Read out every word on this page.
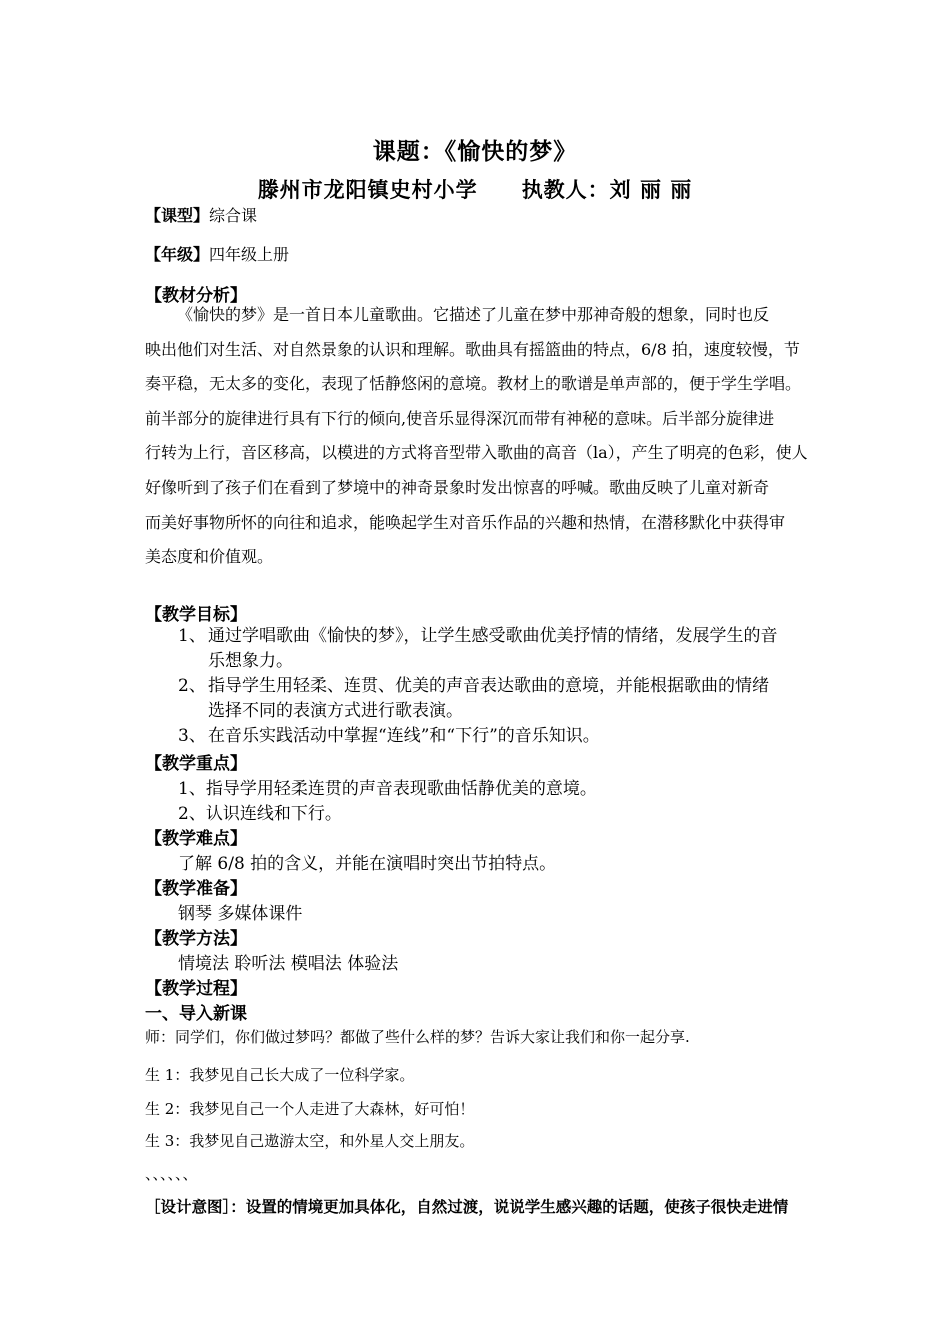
课题：《愉快的梦》
滕州市龙阳镇史村小学 执教人：刘 丽 丽
【课型】综合课
【年级】四年级上册
【教材分析】
《愉快的梦》是一首日本儿童歌曲。它描述了儿童在梦中那神奇般的想象，同时也反
映出他们对生活、对自然景象的认识和理解。歌曲具有摇篮曲的特点，6/8 拍，速度较慢，节
奏平稳，无太多的变化，表现了恬静悠闲的意境。教材上的歌谱是单声部的，便于学生学唱。
前半部分的旋律进行具有下行的倾向,使音乐显得深沉而带有神秘的意味。后半部分旋律进
行转为上行，音区移高，以模进的方式将音型带入歌曲的高音（la），产生了明亮的色彩，使人
好像听到了孩子们在看到了梦境中的神奇景象时发出惊喜的呼喊。歌曲反映了儿童对新奇
而美好事物所怀的向往和追求，能唤起学生对音乐作品的兴趣和热情，在潜移默化中获得审
美态度和价值观。
【教学目标】
1、 通过学唱歌曲《愉快的梦》，让学生感受歌曲优美抒情的情绪，发展学生的音
乐想象力。
2、 指导学生用轻柔、连贯、优美的声音表达歌曲的意境，并能根据歌曲的情绪
选择不同的表演方式进行歌表演。
3、 在音乐实践活动中掌握“连线”和“下行”的音乐知识。
【教学重点】
1、指导学用轻柔连贯的声音表现歌曲恬静优美的意境。
2、认识连线和下行。
【教学难点】
了解 6/8 拍的含义，并能在演唱时突出节拍特点。
【教学准备】
钢琴 多媒体课件
【教学方法】
情境法 聆听法 模唱法 体验法
【教学过程】
一、导入新课
师：同学们，你们做过梦吗？都做了些什么样的梦？告诉大家让我们和你一起分享.
生 1：我梦见自己长大成了一位科学家。
生 2：我梦见自己一个人走进了大森林，好可怕！
生 3：我梦见自己遨游太空，和外星人交上朋友。
、、、、、、
［设计意图］：设置的情境更加具体化，自然过渡，说说学生感兴趣的话题，使孩子很快走进情
